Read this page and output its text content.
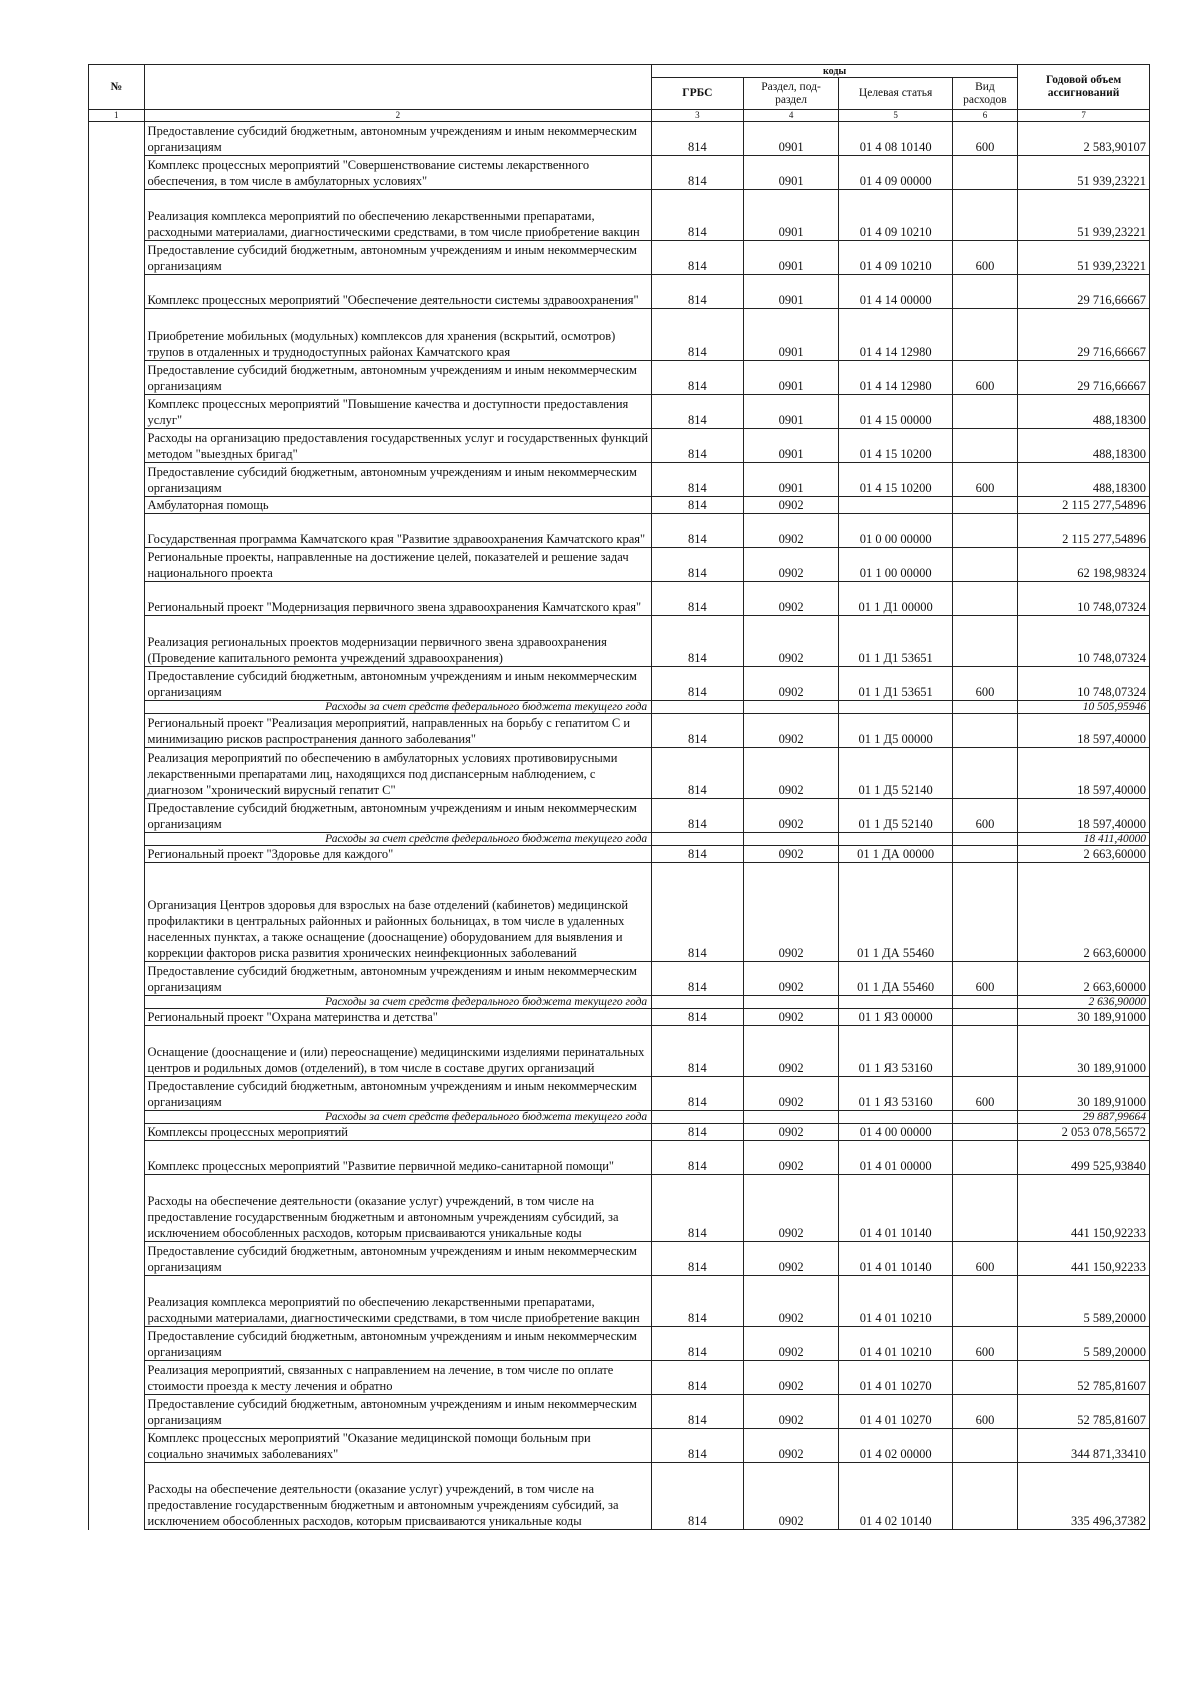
№		коды				Годовой объем ассигнований
		ГРБС	Раздел, под-раздел	Целевая статья	Вид расходов	
1	2	3	4	5	6	7
	Предоставление субсидий бюджетным, автономным учреждениям и иным некоммерческим организациям	814	0901	01 4 08 10140	600	2 583,90107
	Комплекс процессных мероприятий "Совершенствование системы лекарственного обеспечения, в том числе в амбулаторных условиях"	814	0901	01 4 09 00000		51 939,23221
	Реализация комплекса мероприятий по обеспечению лекарственными препаратами, расходными материалами, диагностическими средствами, в том числе приобретение вакцин	814	0901	01 4 09 10210		51 939,23221
	Предоставление субсидий бюджетным, автономным учреждениям и иным некоммерческим организациям	814	0901	01 4 09 10210	600	51 939,23221
	Комплекс процессных мероприятий "Обеспечение деятельности системы здравоохранения"	814	0901	01 4 14 00000		29 716,66667
	Приобретение мобильных (модульных) комплексов для хранения (вскрытий, осмотров) трупов в отдаленных и труднодоступных районах Камчатского края	814	0901	01 4 14 12980		29 716,66667
	Предоставление субсидий бюджетным, автономным учреждениям и иным некоммерческим организациям	814	0901	01 4 14 12980	600	29 716,66667
	Комплекс процессных мероприятий "Повышение качества и доступности предоставления услуг"	814	0901	01 4 15 00000		488,18300
	Расходы на организацию предоставления государственных услуг и государственных функций методом "выездных бригад"	814	0901	01 4 15 10200		488,18300
	Предоставление субсидий бюджетным, автономным учреждениям и иным некоммерческим организациям	814	0901	01 4 15 10200	600	488,18300
	Амбулаторная помощь	814	0902			2 115 277,54896
	Государственная программа Камчатского края "Развитие здравоохранения Камчатского края"	814	0902	01 0 00 00000		2 115 277,54896
	Региональные проекты, направленные на достижение целей, показателей и решение задач национального проекта	814	0902	01 1 00 00000		62 198,98324
	Региональный проект "Модернизация первичного звена здравоохранения Камчатского края"	814	0902	01 1 Д1 00000		10 748,07324
	Реализация региональных проектов модернизации первичного звена здравоохранения (Проведение капитального ремонта учреждений здравоохранения)	814	0902	01 1 Д1 53651		10 748,07324
	Предоставление субсидий бюджетным, автономным учреждениям и иным некоммерческим организациям	814	0902	01 1 Д1 53651	600	10 748,07324
	Расходы за счет средств федерального бюджета текущего года					10 505,95946
	Региональный проект "Реализация мероприятий, направленных на борьбу с гепатитом С и минимизацию рисков распространения данного заболевания"	814	0902	01 1 Д5 00000		18 597,40000
	Реализация мероприятий по обеспечению в амбулаторных условиях противовирусными лекарственными препаратами лиц, находящихся под диспансерным наблюдением, с диагнозом "хронический вирусный гепатит С"	814	0902	01 1 Д5 52140		18 597,40000
	Предоставление субсидий бюджетным, автономным учреждениям и иным некоммерческим организациям	814	0902	01 1 Д5 52140	600	18 597,40000
	Расходы за счет средств федерального бюджета текущего года					18 411,40000
	Региональный проект "Здоровье для каждого"	814	0902	01 1 ДА 00000		2 663,60000
	Организация Центров здоровья для взрослых на базе отделений (кабинетов) медицинской профилактики в центральных районных и районных больницах, в том числе в удаленных населенных пунктах, а также оснащение (дооснащение) оборудованием для выявления и коррекции факторов риска развития хронических неинфекционных заболеваний	814	0902	01 1 ДА 55460		2 663,60000
	Предоставление субсидий бюджетным, автономным учреждениям и иным некоммерческим организациям	814	0902	01 1 ДА 55460	600	2 663,60000
	Расходы за счет средств федерального бюджета текущего года					2 636,90000
	Региональный проект "Охрана материнства и детства"	814	0902	01 1 Я3 00000		30 189,91000
	Оснащение (дооснащение и (или) переоснащение) медицинскими изделиями перинатальных центров и родильных домов (отделений), в том числе в составе других организаций	814	0902	01 1 Я3 53160		30 189,91000
	Предоставление субсидий бюджетным, автономным учреждениям и иным некоммерческим организациям	814	0902	01 1 Я3 53160	600	30 189,91000
	Расходы за счет средств федерального бюджета текущего года					29 887,99664
	Комплексы процессных мероприятий	814	0902	01 4 00 00000		2 053 078,56572
	Комплекс процессных мероприятий "Развитие первичной медико-санитарной помощи"	814	0902	01 4 01 00000		499 525,93840
	Расходы на обеспечение деятельности (оказание услуг) учреждений, в том числе на предоставление государственным бюджетным и автономным учреждениям субсидий, за исключением обособленных расходов, которым присваиваются уникальные коды	814	0902	01 4 01 10140		441 150,92233
	Предоставление субсидий бюджетным, автономным учреждениям и иным некоммерческим организациям	814	0902	01 4 01 10140	600	441 150,92233
	Реализация комплекса мероприятий по обеспечению лекарственными препаратами, расходными материалами, диагностическими средствами, в том числе приобретение вакцин	814	0902	01 4 01 10210		5 589,20000
	Предоставление субсидий бюджетным, автономным учреждениям и иным некоммерческим организациям	814	0902	01 4 01 10210	600	5 589,20000
	Реализация мероприятий, связанных с направлением на лечение, в том числе по оплате стоимости проезда к месту лечения и обратно	814	0902	01 4 01 10270		52 785,81607
	Предоставление субсидий бюджетным, автономным учреждениям и иным некоммерческим организациям	814	0902	01 4 01 10270	600	52 785,81607
	Комплекс процессных мероприятий "Оказание медицинской помощи больным при социально значимых заболеваниях"	814	0902	01 4 02 00000		344 871,33410
	Расходы на обеспечение деятельности (оказание услуг) учреждений, в том числе на предоставление государственным бюджетным и автономным учреждениям субсидий, за исключением обособленных расходов, которым присваиваются уникальные коды	814	0902	01 4 02 10140		335 496,37382
